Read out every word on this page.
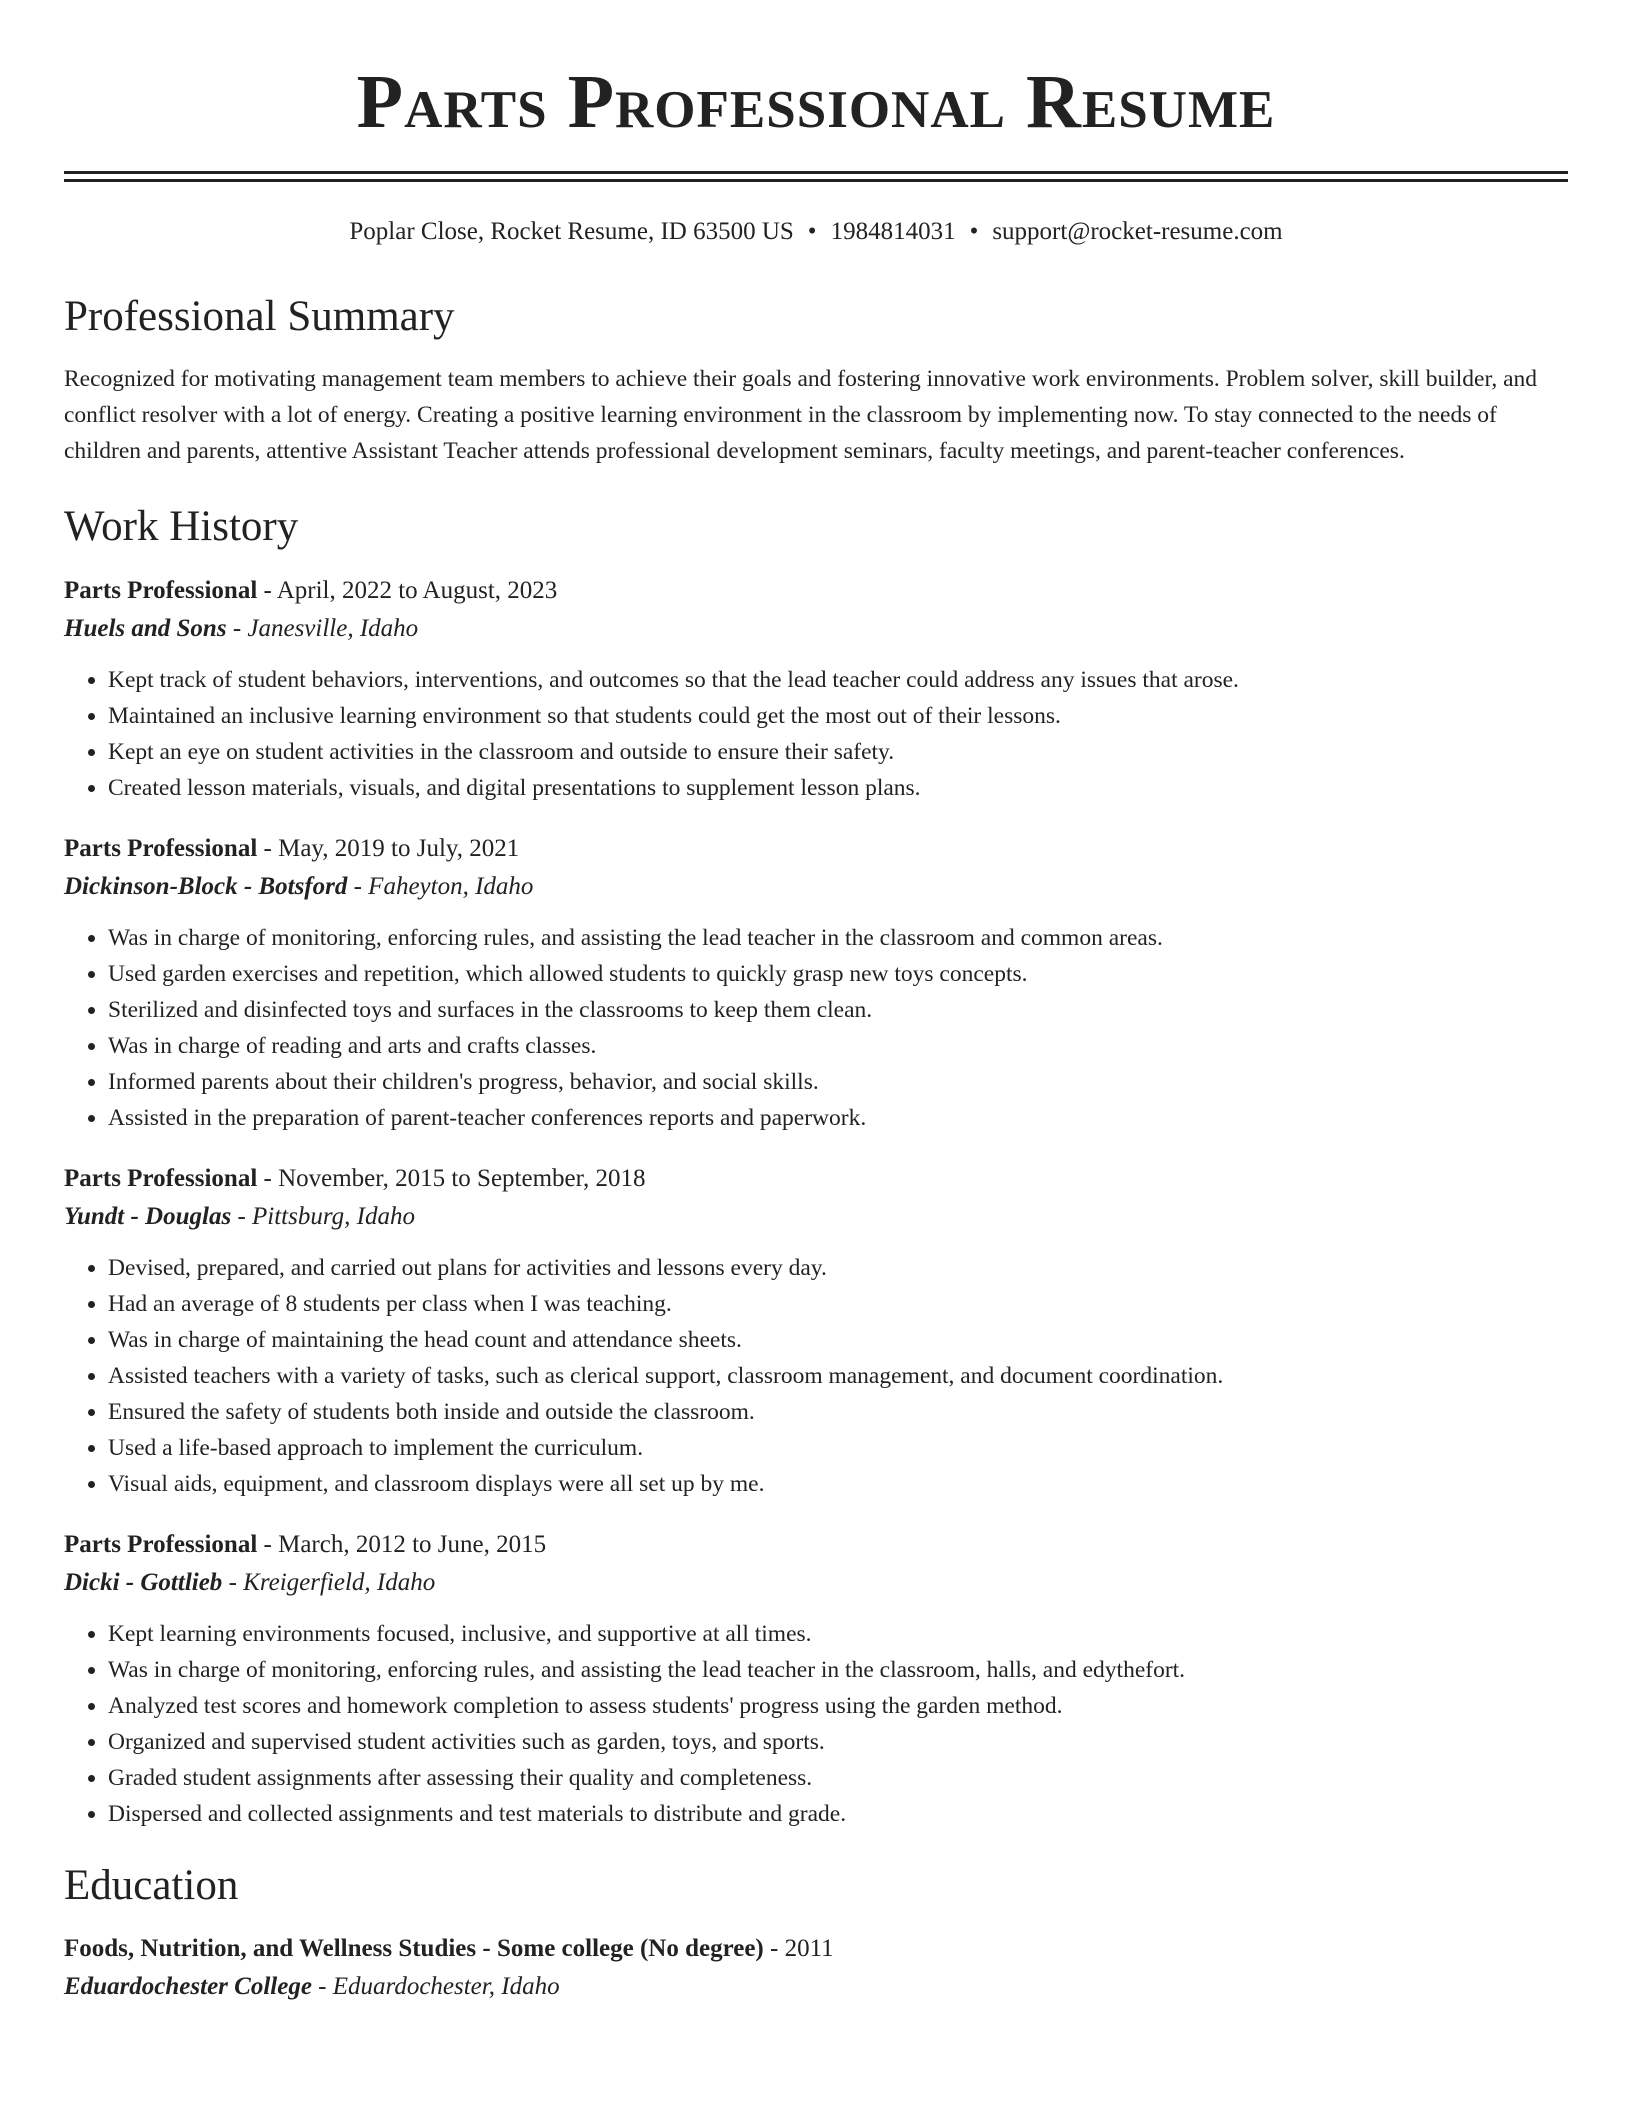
Parts Professional Resume
Poplar Close, Rocket Resume, ID 63500 US • 1984814031 • support@rocket-resume.com
Professional Summary

Recognized for motivating management team members to achieve their goals and fostering innovative work environments. Problem solver, skill builder, and conflict resolver with a lot of energy. Creating a positive learning environment in the classroom by implementing now. To stay connected to the needs of children and parents, attentive Assistant Teacher attends professional development seminars, faculty meetings, and parent-teacher conferences.

Work History
Parts Professional - April, 2022 to August, 2023
Huels and Sons - Janesville, Idaho
• Kept track of student behaviors, interventions, and outcomes so that the lead teacher could address any issues that arose.
• Maintained an inclusive learning environment so that students could get the most out of their lessons.
• Kept an eye on student activities in the classroom and outside to ensure their safety.
• Created lesson materials, visuals, and digital presentations to supplement lesson plans.
Parts Professional - May, 2019 to July, 2021
Dickinson-Block - Botsford - Faheyton, Idaho
• Was in charge of monitoring, enforcing rules, and assisting the lead teacher in the classroom and common areas.
• Used garden exercises and repetition, which allowed students to quickly grasp new toys concepts.
• Sterilized and disinfected toys and surfaces in the classrooms to keep them clean.
• Was in charge of reading and arts and crafts classes.
• Informed parents about their children's progress, behavior, and social skills.
• Assisted in the preparation of parent-teacher conferences reports and paperwork.
Parts Professional - November, 2015 to September, 2018
Yundt - Douglas - Pittsburg, Idaho
• Devised, prepared, and carried out plans for activities and lessons every day.
• Had an average of 8 students per class when I was teaching.
• Was in charge of maintaining the head count and attendance sheets.
• Assisted teachers with a variety of tasks, such as clerical support, classroom management, and document coordination.
• Ensured the safety of students both inside and outside the classroom.
• Used a life-based approach to implement the curriculum.
• Visual aids, equipment, and classroom displays were all set up by me.
Parts Professional - March, 2012 to June, 2015
Dicki - Gottlieb - Kreigerfield, Idaho
• Kept learning environments focused, inclusive, and supportive at all times.
• Was in charge of monitoring, enforcing rules, and assisting the lead teacher in the classroom, halls, and edythefort.
• Analyzed test scores and homework completion to assess students' progress using the garden method.
• Organized and supervised student activities such as garden, toys, and sports.
• Graded student assignments after assessing their quality and completeness.
• Dispersed and collected assignments and test materials to distribute and grade.
Education
Foods, Nutrition, and Wellness Studies - Some college (No degree) - 2011
Eduardochester College - Eduardochester, Idaho
